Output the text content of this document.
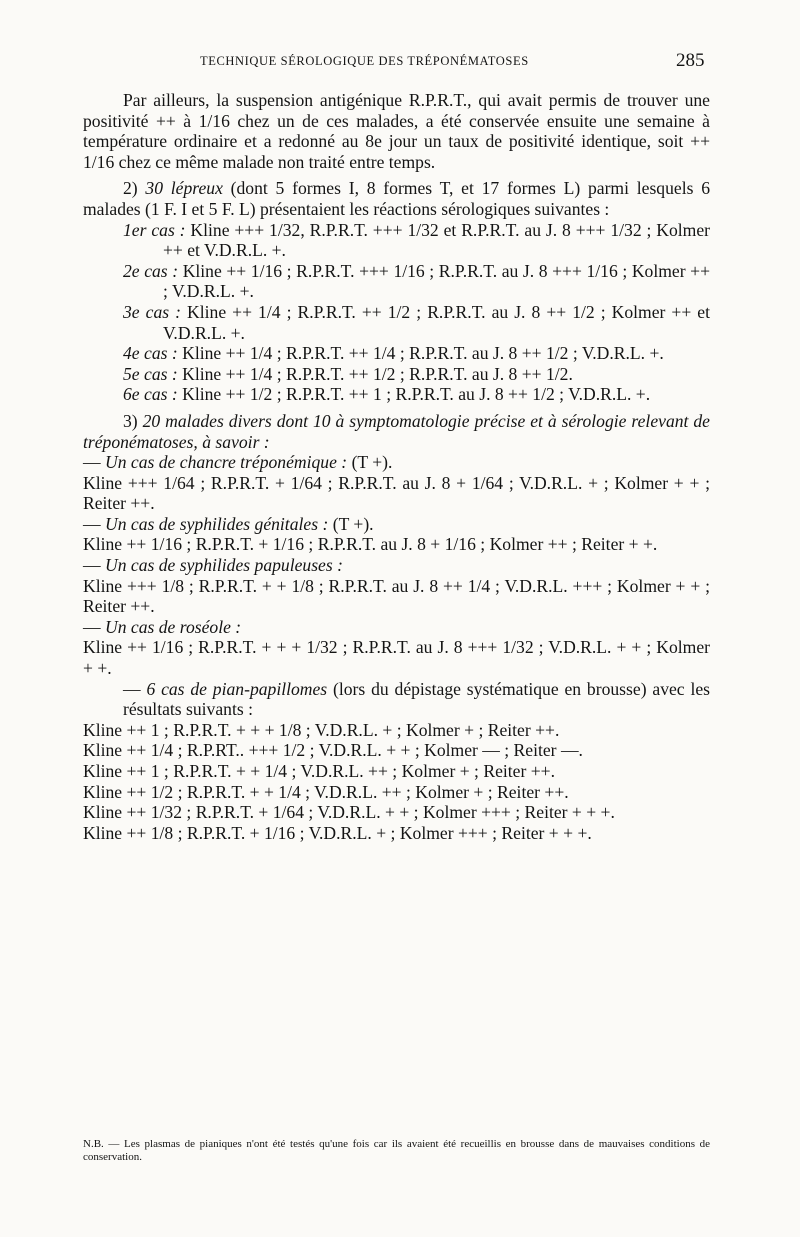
TECHNIQUE SÉROLOGIQUE DES TRÉPONÉMATOSES	285

Par ailleurs, la suspension antigénique R.P.R.T., qui avait permis de trouver une positivité ++ à 1/16 chez un de ces malades, a été conservée ensuite une semaine à température ordinaire et a redonné au 8e jour un taux de positivité identique, soit ++ 1/16 chez ce même malade non traité entre temps.

2) 30 lépreux (dont 5 formes I, 8 formes T, et 17 formes L) parmi lesquels 6 malades (1 F. I et 5 F. L) présentaient les réactions sérologiques suivantes :

1er cas : Kline +++ 1/32, R.P.R.T. +++ 1/32 et R.P.R.T. au J. 8 +++ 1/32 ; Kolmer ++ et V.D.R.L. +.

2e cas : Kline ++ 1/16 ; R.P.R.T. +++ 1/16 ; R.P.R.T. au J. 8 +++ 1/16 ; Kolmer ++ ; V.D.R.L. +.

3e cas : Kline ++ 1/4 ; R.P.R.T. ++ 1/2 ; R.P.R.T. au J. 8 ++ 1/2 ; Kolmer ++ et V.D.R.L. +.

4e cas : Kline ++ 1/4 ; R.P.R.T. ++ 1/4 ; R.P.R.T. au J. 8 ++ 1/2 ; V.D.R.L. +.

5e cas : Kline ++ 1/4 ; R.P.R.T. ++ 1/2 ; R.P.R.T. au J. 8 ++ 1/2.

6e cas : Kline ++ 1/2 ; R.P.R.T. ++ 1 ; R.P.R.T. au J. 8 ++ 1/2 ; V.D.R.L. +.

3) 20 malades divers dont 10 à symptomatologie précise et à sérologie relevant de tréponématoses, à savoir :

— Un cas de chancre tréponémique : (T +).

Kline +++ 1/64 ; R.P.R.T. + 1/64 ; R.P.R.T. au J. 8 + 1/64 ; V.D.R.L. + ; Kolmer + + ; Reiter ++.

— Un cas de syphilides génitales : (T +).

Kline ++ 1/16 ; R.P.R.T. + 1/16 ; R.P.R.T. au J. 8 + 1/16 ; Kolmer ++ ; Reiter + +.

— Un cas de syphilides papuleuses :

Kline +++ 1/8 ; R.P.R.T. + + 1/8 ; R.P.R.T. au J. 8 ++ 1/4 ; V.D.R.L. +++ ; Kolmer + + ; Reiter ++.

— Un cas de roséole :

Kline ++ 1/16 ; R.P.R.T. + + + 1/32 ; R.P.R.T. au J. 8 +++ 1/32 ; V.D.R.L. + + ; Kolmer + +.

— 6 cas de pian-papillomes (lors du dépistage systématique en brousse) avec les résultats suivants :

Kline ++ 1 ; R.P.R.T. + + + 1/8 ; V.D.R.L. + ; Kolmer + ; Reiter ++.

Kline ++ 1/4 ; R.P.RT.. +++ 1/2 ; V.D.R.L. + + ; Kolmer — ; Reiter —.

Kline ++ 1 ; R.P.R.T. + + 1/4 ; V.D.R.L. ++ ; Kolmer + ; Reiter ++.

Kline ++ 1/2 ; R.P.R.T. + + 1/4 ; V.D.R.L. ++ ; Kolmer + ; Reiter ++.

Kline ++ 1/32 ; R.P.R.T. + 1/64 ; V.D.R.L. + + ; Kolmer +++ ; Reiter + + +.

Kline ++ 1/8 ; R.P.R.T. + 1/16 ; V.D.R.L. + ; Kolmer +++ ; Reiter + + +.

N.B. — Les plasmas de pianiques n'ont été testés qu'une fois car ils avaient été recueillis en brousse dans de mauvaises conditions de conservation.
